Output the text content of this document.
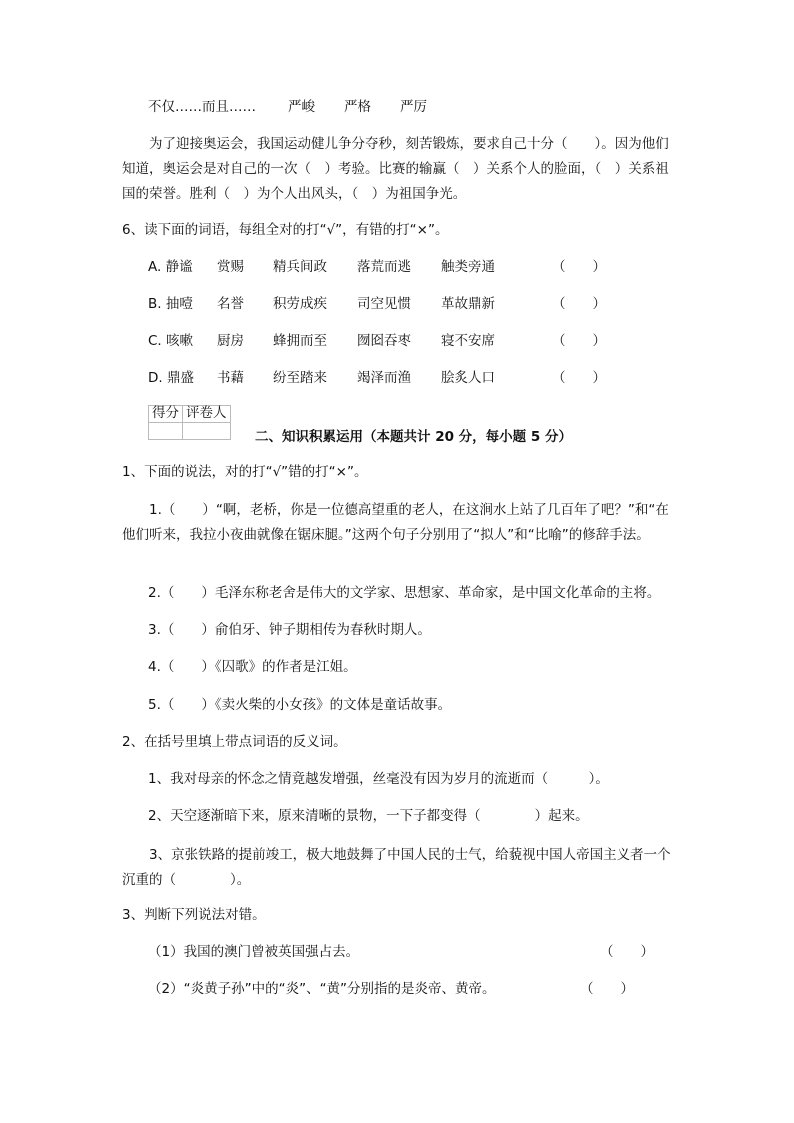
不仅……而且…… 严峻 严格 严厉
为了迎接奥运会，我国运动健儿争分夺秒，刻苦锻炼，要求自己十分（　　）。因为他们知道，奥运会是对自己的一次（　）考验。比赛的输赢（　）关系个人的脸面，（　）关系祖国的荣誉。胜利（　）为个人出风头，（　）为祖国争光。
6、读下面的词语，每组全对的打“√”，有错的打“×”。
A. 静谧 赏赐 精兵间政 落荒而逃 触类旁通	（　　）
B. 抽噎 名誉 积劳成疾 司空见惯 革故鼎新	（　　）
C. 咳嗽 厨房 蜂拥而至 囫囵吞枣 寝不安席	（　　）
D. 鼎盛 书藉 纷至踏来 竭泽而渔 脍炙人口	（　　）
得分	评卷人

二、知识积累运用（本题共计 20 分，每小题 5 分）
1、下面的说法，对的打“√”错的打“×”。
1.（　　）“啊，老桥，你是一位德高望重的老人，在这涧水上站了几百年了吧？”和“在他们听来，我拉小夜曲就像在锯床腿。”这两个句子分别用了“拟人”和“比喻”的修辞手法。
2.（　　）毛泽东称老舍是伟大的文学家、思想家、革命家，是中国文化革命的主将。
3.（　　）俞伯牙、钟子期相传为春秋时期人。
4.（　　）《囚歌》的作者是江姐。
5.（　　）《卖火柴的小女孩》的文体是童话故事。
2、在括号里填上带点词语的反义词。
1、我对母亲的怀念之情竟越发增强，丝毫没有因为岁月的流逝而（　　　）。
2、天空逐渐暗下来，原来清晰的景物，一下子都变得（　　　　）起来。
3、京张铁路的提前竣工，极大地鼓舞了中国人民的士气，给藐视中国人帝国主义者一个沉重的（　　　　）。
3、判断下列说法对错。
（1）我国的澳门曾被英国强占去。	（　　）
（2）“炎黄子孙”中的“炎”、“黄”分别指的是炎帝、黄帝。	（　　）
